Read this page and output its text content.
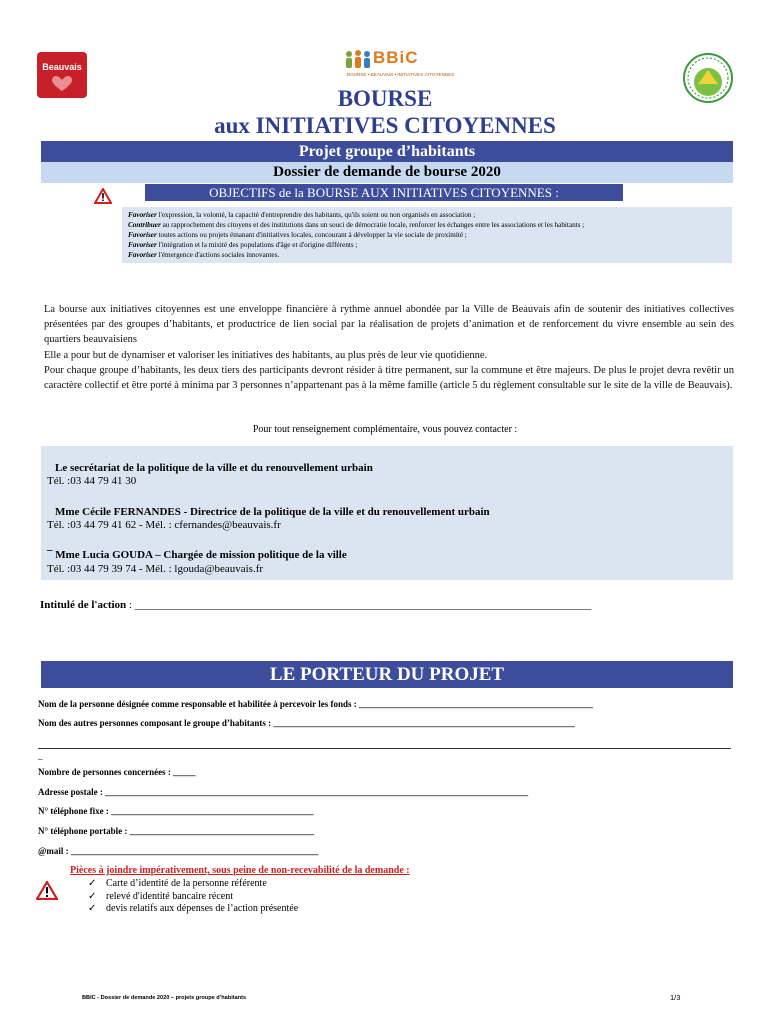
Beauvais	BBiC
BOURSE • BEAUVAIS • INITIATIVES CITOYENNES
BOURSE
aux INITIATIVES CITOYENNES
Projet groupe d’habitants
Dossier de demande de bourse 2020
OBJECTIFS de la BOURSE AUX INITIATIVES CITOYENNES :
Favoriser l'expression, la volonté, la capacité d'entreprendre des habitants, qu'ils soient ou non organisés en association ;
Contribuer au rapprochement des citoyens et des institutions dans un souci de démocratie locale, renforcer les échanges entre les associations et les habitants ;
Favoriser toutes actions ou projets émanant d'initiatives locales, concourant à développer la vie sociale de proximité ;
Favoriser l'intégration et la mixité des populations d'âge et d'origine différents ;
Favoriser l'émergence d'actions sociales innovantes.

La bourse aux initiatives citoyennes est une enveloppe financière à rythme annuel abondée par la Ville de Beauvais afin de soutenir des initiatives collectives présentées par des groupes d’habitants, et productrice de lien social par la réalisation de projets d’animation et de renforcement du vivre ensemble au sein des quartiers beauvaisiens

Elle a pour but de dynamiser et valoriser les initiatives des habitants, au plus près de leur vie quotidienne.

Pour chaque groupe d’habitants, les deux tiers des participants devront résider à titre permanent, sur la commune et être majeurs. De plus le projet devra revêtir un caractère collectif et être porté à minima par 3 personnes n’appartenant pas à la même famille (article 5 du règlement consultable sur le site de la ville de Beauvais).

Pour tout renseignement complémentaire, vous pouvez contacter :
Le secrétariat de la politique de la ville et du renouvellement urbain
Tél. :03 44 79 41 30
Mme Cécile FERNANDES - Directrice de la politique de la ville et du renouvellement urbain
Tél. :03 44 79 41 62 - Mél. : cfernandes@beauvais.fr
¯ Mme Lucia GOUDA – Chargée de mission politique de la ville
Tél. :03 44 79 39 74 - Mél. : lgouda@beauvais.fr
Intitulé de l'action : ___________________________________________________________________________________
LE PORTEUR DU PROJET
Nom de la personne désignée comme responsable et habilitée à percevoir les fonds : ____________________________________________________
Nom des autres personnes composant le groupe d’habitants : ___________________________________________________________________
_
Nombre de personnes concernées : _____
Adresse postale : ______________________________________________________________________________________________
N° téléphone fixe : _____________________________________________
N° téléphone portable : _________________________________________
@mail : _______________________________________________________
Pièces à joindre impérativement, sous peine de non-recevabilité de la demande :
✓ Carte d’identité de la personne référente
✓ relevé d'identité bancaire récent
✓ devis relatifs aux dépenses de l’action présentée
BBIC - Dossier de demande 2020 – projets groupe d’habitants	1/3
